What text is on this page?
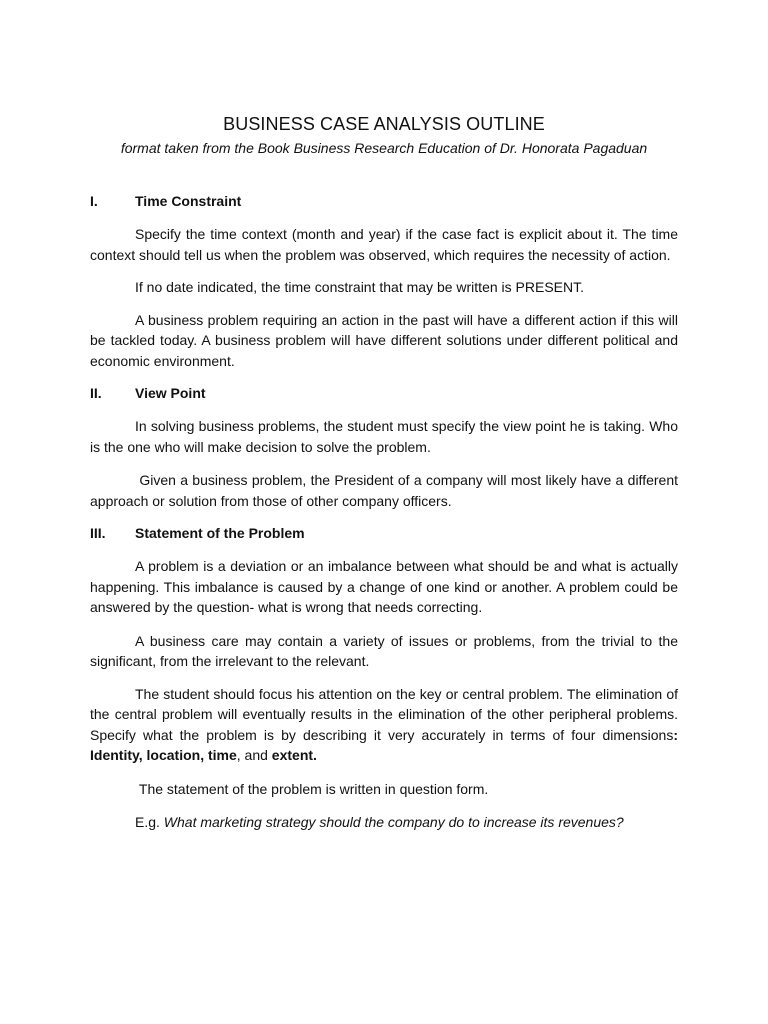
BUSINESS CASE ANALYSIS OUTLINE

format taken from the Book Business Research Education of Dr. Honorata Pagaduan

I.	Time Constraint

Specify the time context (month and year) if the case fact is explicit about it. The time context should tell us when the problem was observed, which requires the necessity of action.

If no date indicated, the time constraint that may be written is PRESENT.

A business problem requiring an action in the past will have a different action if this will be tackled today. A business problem will have different solutions under different political and economic environment.

II.	View Point

In solving business problems, the student must specify the view point he is taking. Who is the one who will make decision to solve the problem.

Given a business problem, the President of a company will most likely have a different approach or solution from those of other company officers.

III.	Statement of the Problem

A problem is a deviation or an imbalance between what should be and what is actually happening. This imbalance is caused by a change of one kind or another. A problem could be answered by the question- what is wrong that needs correcting.

A business care may contain a variety of issues or problems, from the trivial to the significant, from the irrelevant to the relevant.

The student should focus his attention on the key or central problem. The elimination of the central problem will eventually results in the elimination of the other peripheral problems. Specify what the problem is by describing it very accurately in terms of four dimensions: Identity, location, time, and extent.

The statement of the problem is written in question form.

E.g. What marketing strategy should the company do to increase its revenues?
